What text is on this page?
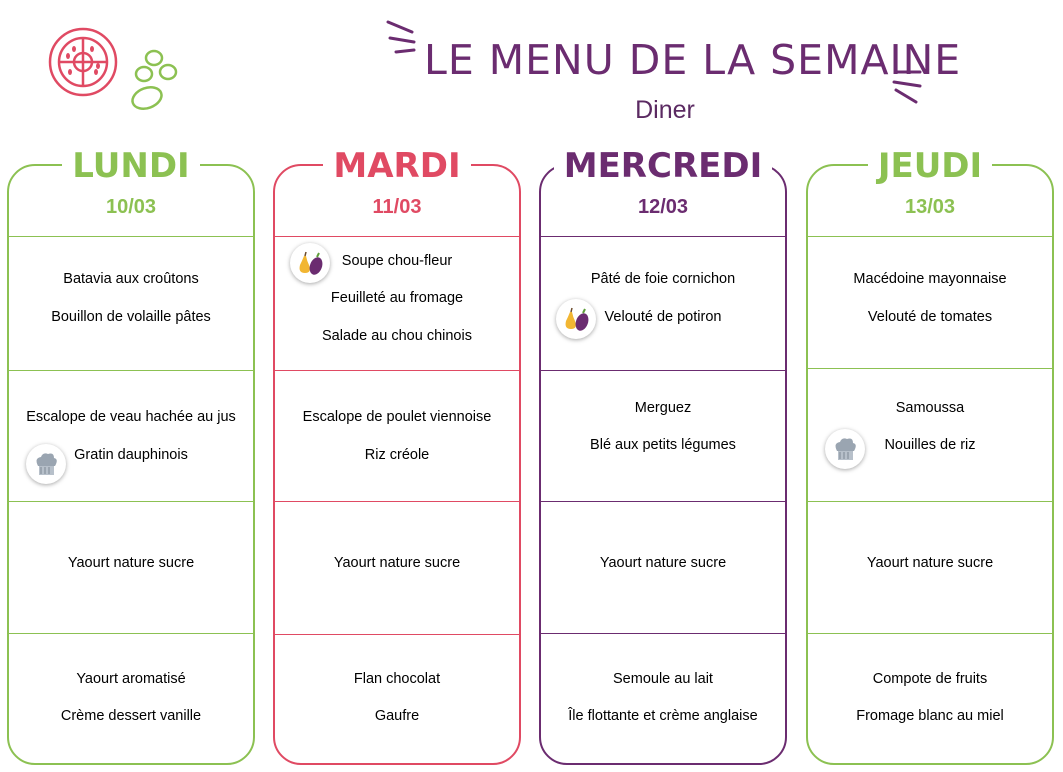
LE MENU DE LA SEMAINE
Diner
LUNDI
10/03
Batavia aux croûtons
Bouillon de volaille pâtes
Escalope de veau hachée au jus
Gratin dauphinois
Yaourt nature sucre
Yaourt aromatisé
Crème dessert vanille
MARDI
11/03
Soupe chou-fleur
Feuilleté au fromage
Salade au chou chinois
Escalope de poulet viennoise
Riz créole
Yaourt nature sucre
Flan chocolat
Gaufre
MERCREDI
12/03
Pâté de foie cornichon
Velouté de potiron
Merguez
Blé aux petits légumes
Yaourt nature sucre
Semoule au lait
Île flottante et crème anglaise
JEUDI
13/03
Macédoine mayonnaise
Velouté de tomates
Samoussa
Nouilles de riz
Yaourt nature sucre
Compote de fruits
Fromage blanc au miel
